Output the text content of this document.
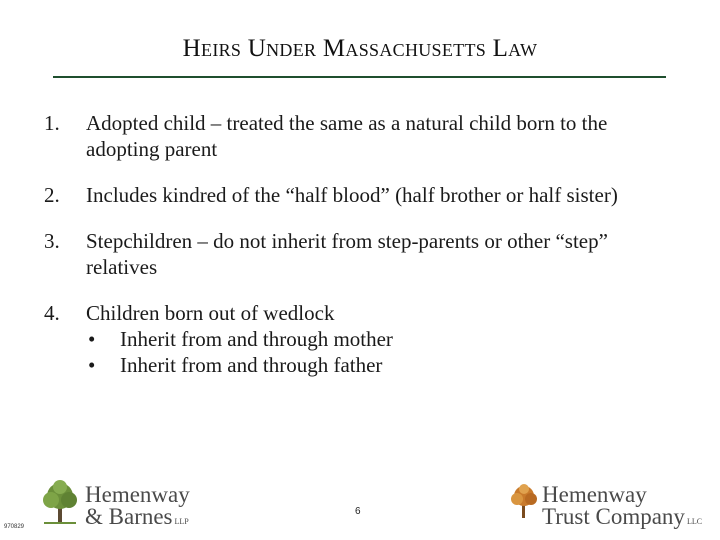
Heirs Under Massachusetts Law
1.	Adopted child – treated the same as a natural child born to the adopting parent
2.	Includes kindred of the “half blood” (half brother or half sister)
3.	Stepchildren – do not inherit from step-parents or other “step” relatives
4.	Children born out of wedlock
• Inherit from and through mother
• Inherit from and through father
Hemenway
& Barnes LLP
6
Hemenway
Trust Company LLC
970829
